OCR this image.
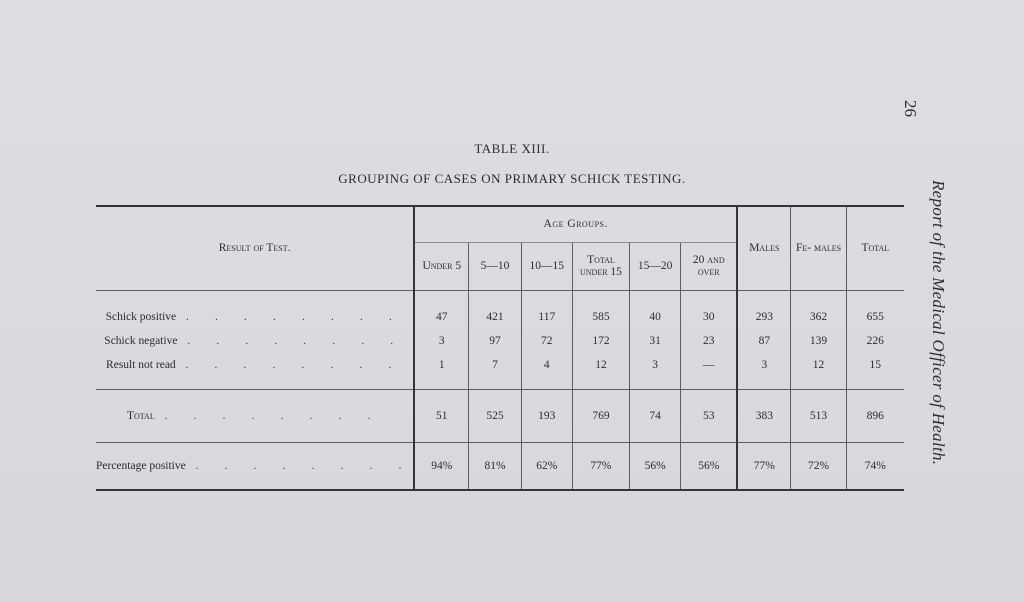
26
Report of the Medical Officer of Health.
TABLE XIII.
GROUPING OF CASES ON PRIMARY SCHICK TESTING.
Result of Test.	Age Groups.						Males	Fe- males	Total
	Under 5	5—10	10—15	Total under 15	15—20	20 and over			
Schick positive . . . . . . . .	47	421	117	585	40	30	293	362	655
Schick negative . . . . . . . .	3	97	72	172	31	23	87	139	226
Result not read . . . . . . . .	1	7	4	12	3	—	3	12	15
Total . . . . . . . .	51	525	193	769	74	53	383	513	896
Percentage positive . . . . . . . .	94%	81%	62%	77%	56%	56%	77%	72%	74%
